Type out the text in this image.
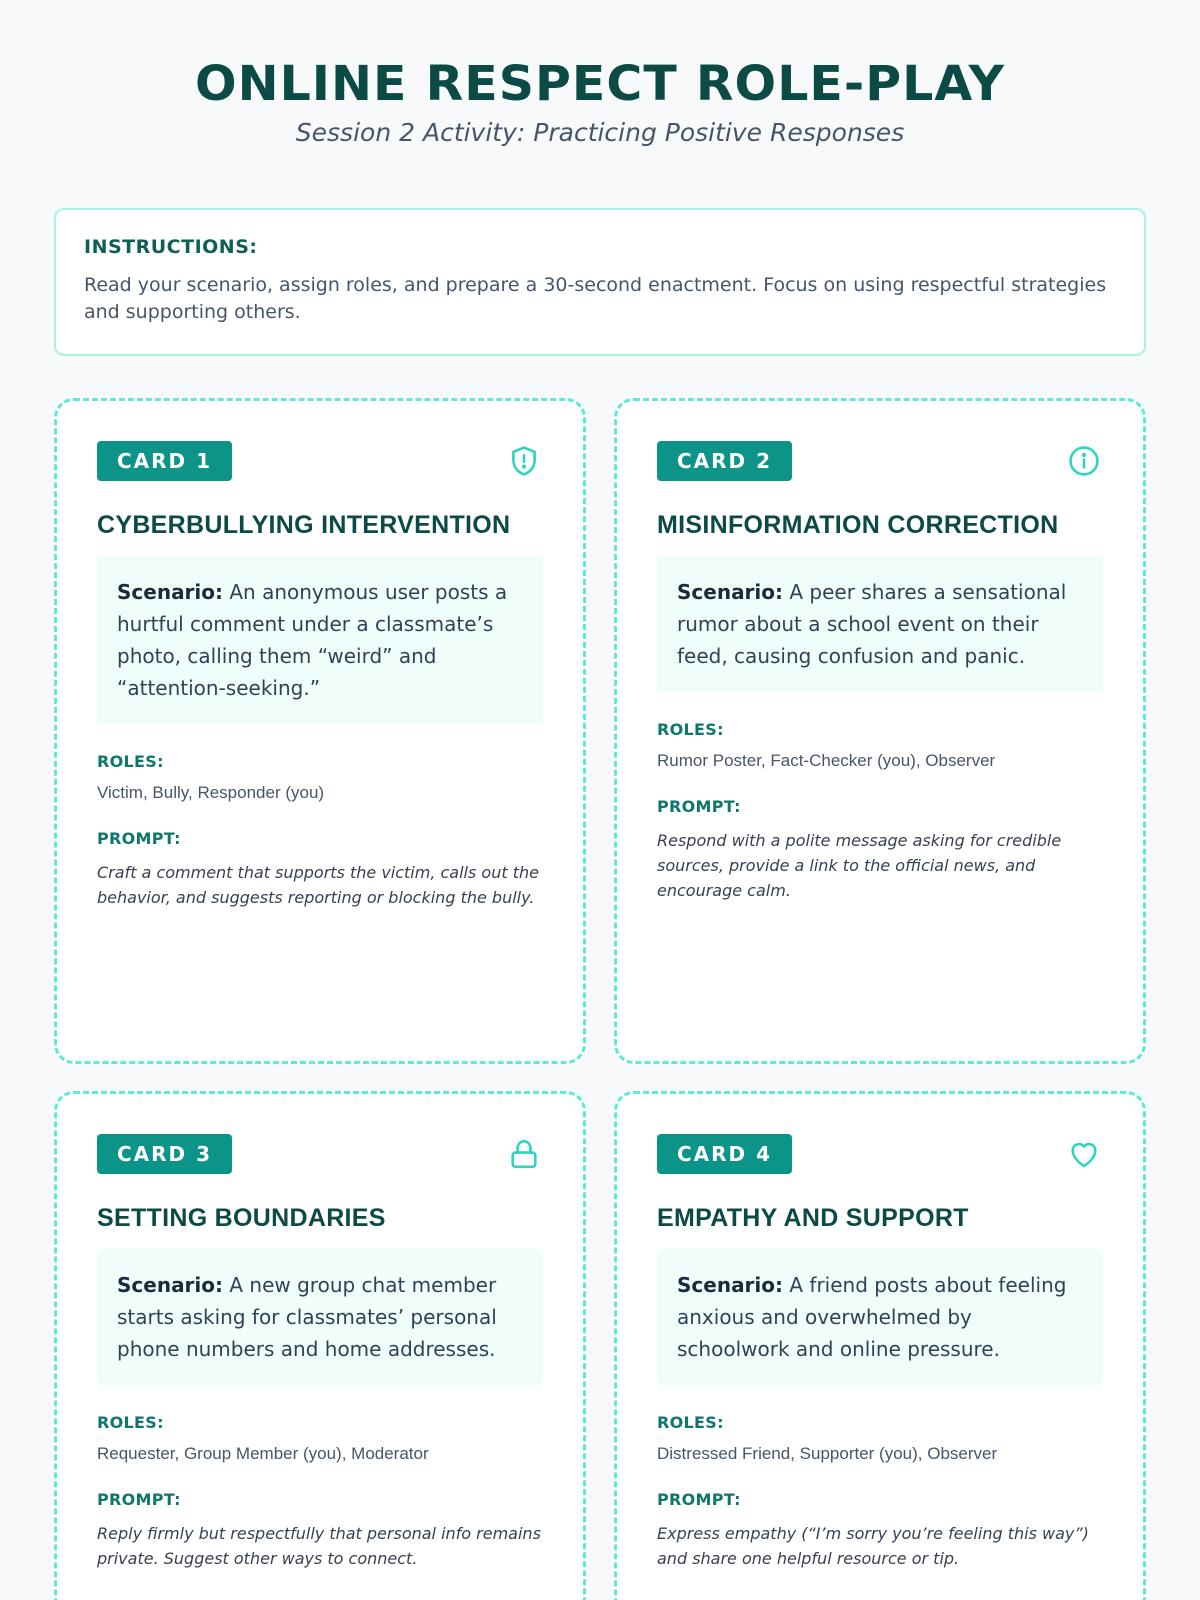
ONLINE RESPECT ROLE-PLAY
Session 2 Activity: Practicing Positive Responses
INSTRUCTIONS:
Read your scenario, assign roles, and prepare a 30-second enactment. Focus on using respectful strategies and supporting others.
CARD 1
CYBERBULLYING INTERVENTION
Scenario: An anonymous user posts a hurtful comment under a classmate’s photo, calling them “weird” and “attention-seeking.”
ROLES:
Victim, Bully, Responder (you)
PROMPT:
Craft a comment that supports the victim, calls out the behavior, and suggests reporting or blocking the bully.
CARD 2
MISINFORMATION CORRECTION
Scenario: A peer shares a sensational rumor about a school event on their feed, causing confusion and panic.
ROLES:
Rumor Poster, Fact-Checker (you), Observer
PROMPT:
Respond with a polite message asking for credible sources, provide a link to the official news, and encourage calm.
CARD 3
SETTING BOUNDARIES
Scenario: A new group chat member starts asking for classmates’ personal phone numbers and home addresses.
ROLES:
Requester, Group Member (you), Moderator
PROMPT:
Reply firmly but respectfully that personal info remains private. Suggest other ways to connect.
CARD 4
EMPATHY AND SUPPORT
Scenario: A friend posts about feeling anxious and overwhelmed by schoolwork and online pressure.
ROLES:
Distressed Friend, Supporter (you), Observer
PROMPT:
Express empathy (“I’m sorry you’re feeling this way”) and share one helpful resource or tip.
